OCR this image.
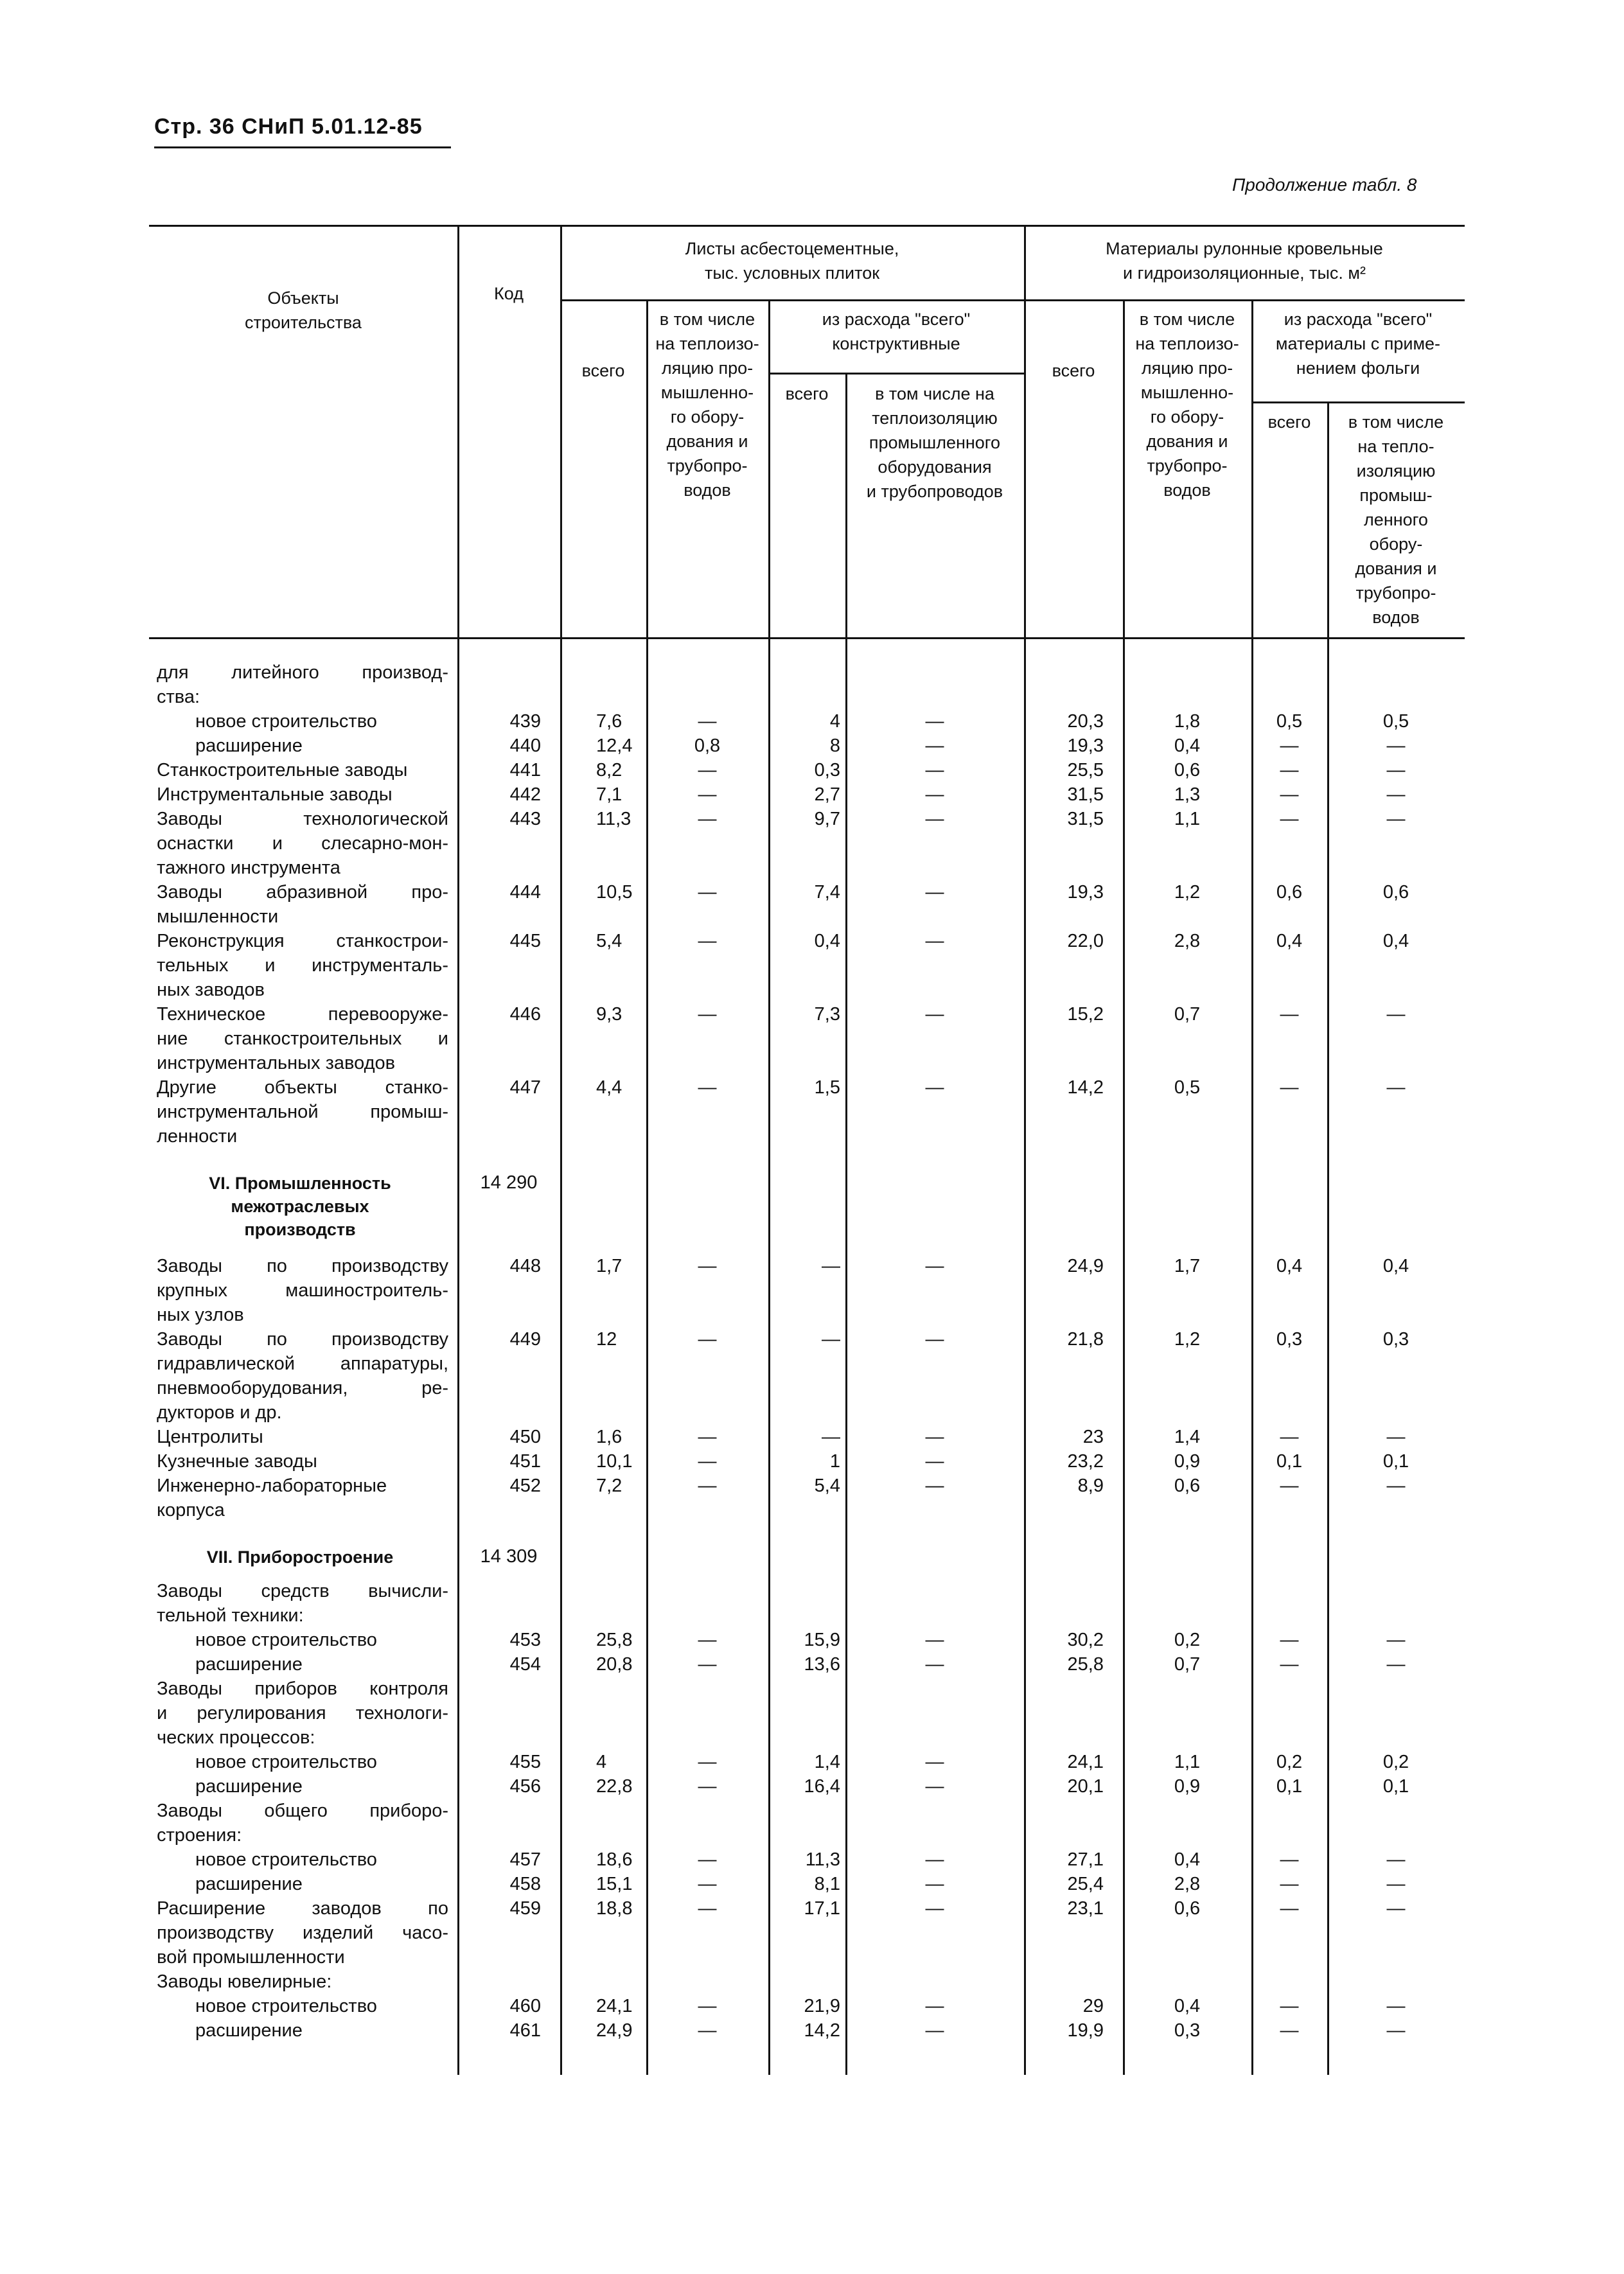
Стр. 36 СНиП 5.01.12-85
Продолжение табл. 8
Объекты
строительства
Код
Листы асбестоцементные,
тыс. условных плиток
Материалы рулонные кровельные
и гидроизоляционные, тыс. м²
всего
в том числе
на теплоизо-
ляцию про-
мышленно-
го обору-
дования и
трубопро-
водов
из расхода "всего"
конструктивные
всего	в том числе на
теплоизоляцию
промышленного
оборудования
и трубопроводов
всего
в том числе
на теплоизо-
ляцию про-
мышленно-
го обору-
дования и
трубопро-
водов
из расхода "всего"
материалы с приме-
нением фольги
всего	в том числе
на тепло-
изоляцию
промыш-
ленного
обору-
дования и
трубопро-
водов
для литейного производ-
ства:
новое строительство	439	7,6	—	4	—	20,3	1,8	0,5	0,5
расширение	440	12,4	0,8	8	—	19,3	0,4	—	—
Станкостроительные заводы	441	8,2	—	0,3	—	25,5	0,6	—	—
Инструментальные заводы	442	7,1	—	2,7	—	31,5	1,3	—	—
Заводы технологической
оснастки и слесарно-мон-
тажного инструмента
443	11,3	—	9,7	—	31,5	1,1	—	—
Заводы абразивной про-
мышленности
444	10,5	—	7,4	—	19,3	1,2	0,6	0,6
Реконструкция станкострои-
тельных и инструменталь-
ных заводов
445	5,4	—	0,4	—	22,0	2,8	0,4	0,4
Техническое перевооруже-
ние станкостроительных и
инструментальных заводов
446	9,3	—	7,3	—	15,2	0,7	—	—
Другие объекты станко-
инструментальной промыш-
ленности
447	4,4	—	1,5	—	14,2	0,5	—	—
VI. Промышленность
межотраслевых
производств
14 290
Заводы по производству
крупных машиностроитель-
ных узлов
448	1,7	—	—	—	24,9	1,7	0,4	0,4
Заводы по производству
гидравлической аппаратуры,
пневмооборудования, ре-
дукторов и др.
449	12	—	—	—	21,8	1,2	0,3	0,3
Центролиты	450	1,6	—	—	—	23	1,4	—	—
Кузнечные заводы	451	10,1	—	1	—	23,2	0,9	0,1	0,1
Инженерно-лабораторные
корпуса
452	7,2	—	5,4	—	8,9	0,6	—	—
VII. Приборостроение	14 309
Заводы средств вычисли-
тельной техники:
новое строительство	453	25,8	—	15,9	—	30,2	0,2	—	—
расширение	454	20,8	—	13,6	—	25,8	0,7	—	—
Заводы приборов контроля
и регулирования технологи-
ческих процессов:
новое строительство	455	4	—	1,4	—	24,1	1,1	0,2	0,2
расширение	456	22,8	—	16,4	—	20,1	0,9	0,1	0,1
Заводы общего приборо-
строения:
новое строительство	457	18,6	—	11,3	—	27,1	0,4	—	—
расширение	458	15,1	—	8,1	—	25,4	2,8	—	—
Расширение заводов по
производству изделий часо-
вой промышленности
459	18,8	—	17,1	—	23,1	0,6	—	—
Заводы ювелирные:
новое строительство	460	24,1	—	21,9	—	29	0,4	—	—
расширение	461	24,9	—	14,2	—	19,9	0,3	—	—
